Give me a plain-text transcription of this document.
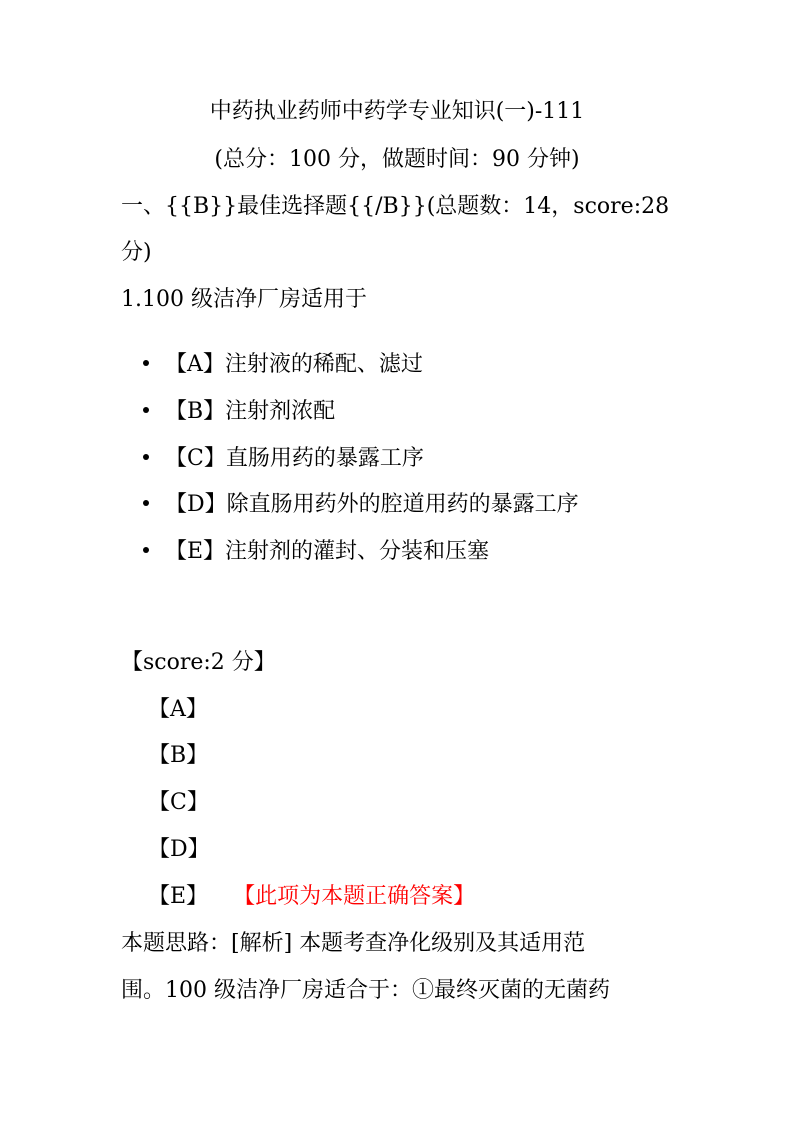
中药执业药师中药学专业知识(一)-111
(总分：100 分，做题时间：90 分钟)
一、{{B}}最佳选择题{{/B}}(总题数：14，score:28
分)
1.100 级洁净厂房适用于
【A】注射液的稀配、滤过
【B】注射剂浓配
【C】直肠用药的暴露工序
【D】除直肠用药外的腔道用药的暴露工序
【E】注射剂的灌封、分装和压塞
【score:2 分】
【A】
【B】
【C】
【D】
【E】 【此项为本题正确答案】
本题思路：[解析] 本题考查净化级别及其适用范
围。100 级洁净厂房适合于：①最终灭菌的无菌药
